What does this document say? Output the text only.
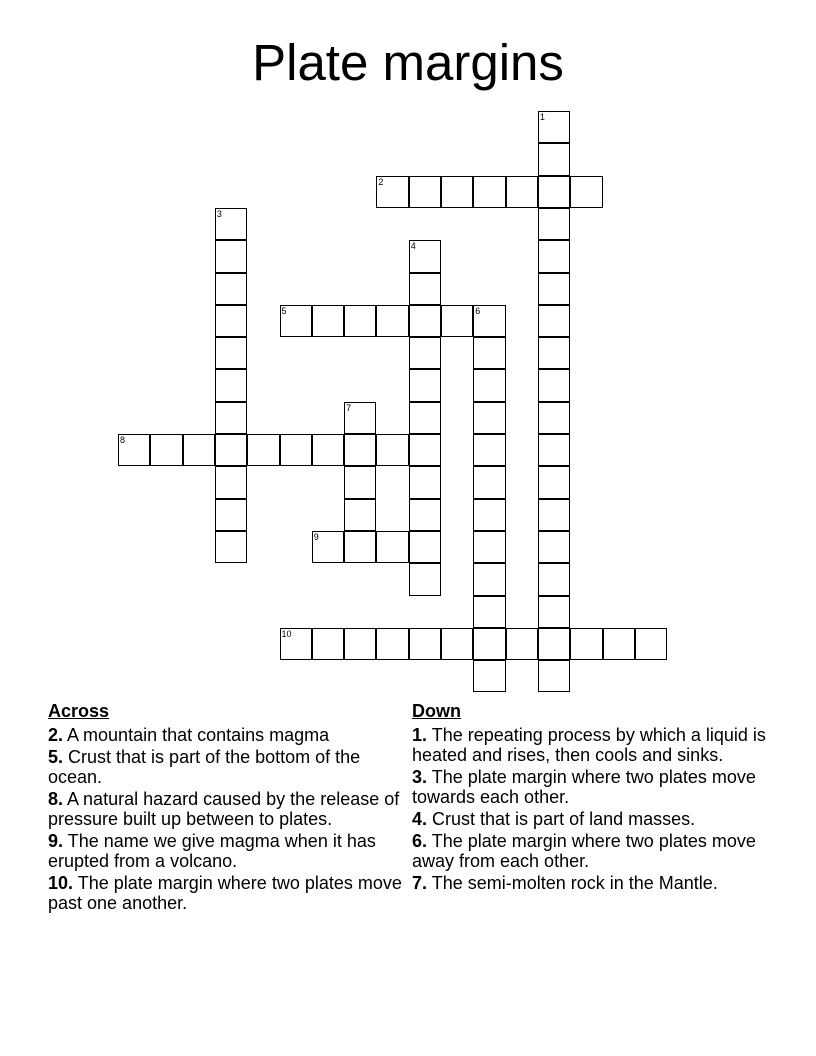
Plate margins
1
2
3
4
5	6
7
8
9
10
Across
2. A mountain that contains magma
5. Crust that is part of the bottom of the ocean.
8. A natural hazard caused by the release of pressure built up between to plates.
9. The name we give magma when it has erupted from a volcano.
10. The plate margin where two plates move past one another.
Down
1. The repeating process by which a liquid is heated and rises, then cools and sinks.
3. The plate margin where two plates move towards each other.
4. Crust that is part of land masses.
6. The plate margin where two plates move away from each other.
7. The semi-molten rock in the Mantle.
